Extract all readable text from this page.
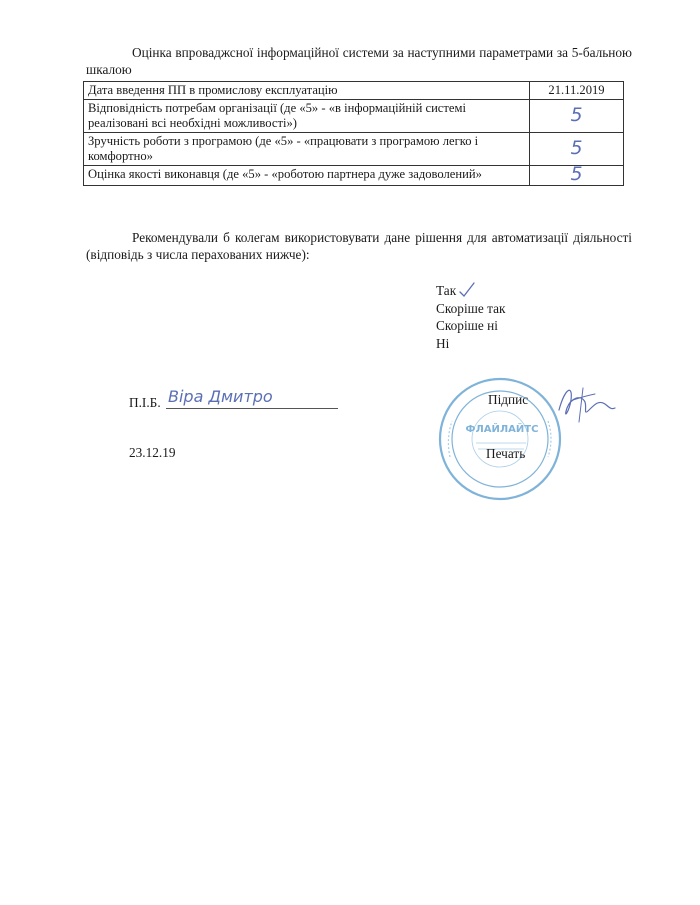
Оцінка впроваджсної інформаційної системи за наступними параметрами за 5-бальною шкалою
Дата введення ПП в промислову експлуатацію	21.11.2019
Відповідність потребам організації (де «5» - «в інформаційній системі реалізовані всі необхідні можливості»)	5
Зручність роботи з програмою (де «5» - «працювати з програмою легко і комфортно»	5
Оцінка якості виконавця (де «5» - «роботою партнера дуже задоволений»	5
Рекомендували б колегам використовувати дане рішення для автоматизації діяльності (відповідь з числа перахованих нижче):
Так
Скоріше так
Скоріше ні
Ні
ФЛАЙЛАЙТС
П.І.Б. Віра Дмитро
23.12.19
Підпис
Печать
